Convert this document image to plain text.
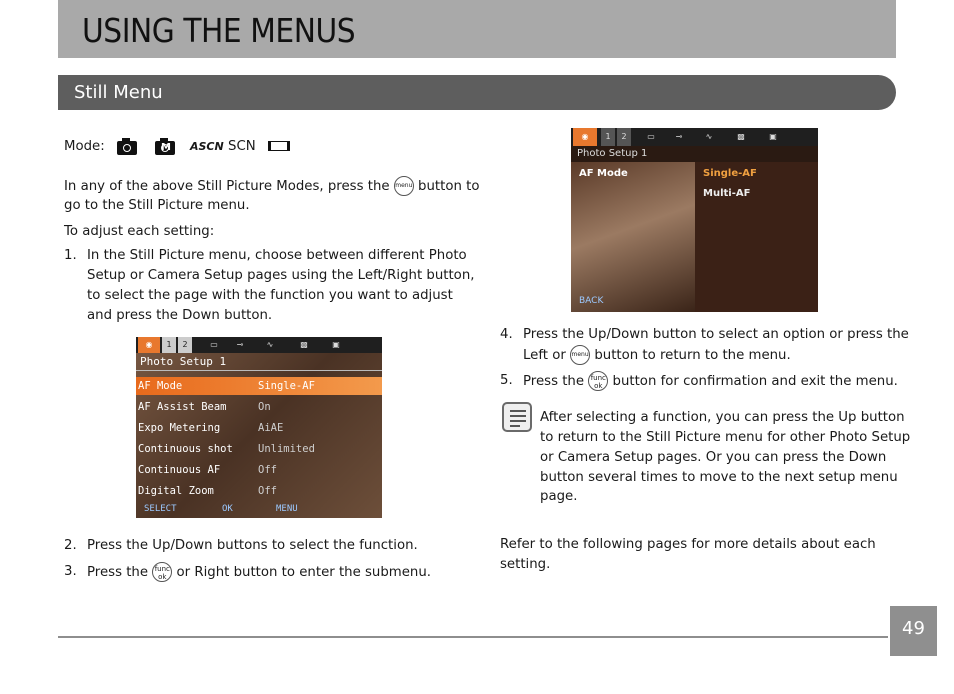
USING THE MENUS
Still Menu
Mode:	M ASCN SCN
In any of the above Still Picture Modes, press the menu button to
go to the Still Picture menu.
To adjust each setting:
1. In the Still Picture menu, choose between different Photo
Setup or Camera Setup pages using the Left/Right button,
to select the page with the function you want to adjust
and press the Down button.
◉	1	2	▭	⊸	∿	▩	▣
Photo Setup 1
AF Mode	Single-AF
AF Assist Beam	On
Expo Metering	AiAE
Continuous shot Unlimited
Continuous AF	Off
Digital Zoom	Off
SELECT	OK	MENU
2. Press the Up/Down buttons to select the function.
3. Press the func
ok or Right button to enter the submenu.
◉	1	2	▭	⊸	∿	▩	▣
Photo Setup 1
AF Mode	Single-AF
Multi-AF
BACK
4. Press the Up/Down button to select an option or press the
Left or menu button to return to the menu.
5. Press the func
ok button for confirmation and exit the menu.
After selecting a function, you can press the Up button
to return to the Still Picture menu for other Photo Setup
or Camera Setup pages. Or you can press the Down
button several times to move to the next setup menu
page.
Refer to the following pages for more details about each
setting.
49
